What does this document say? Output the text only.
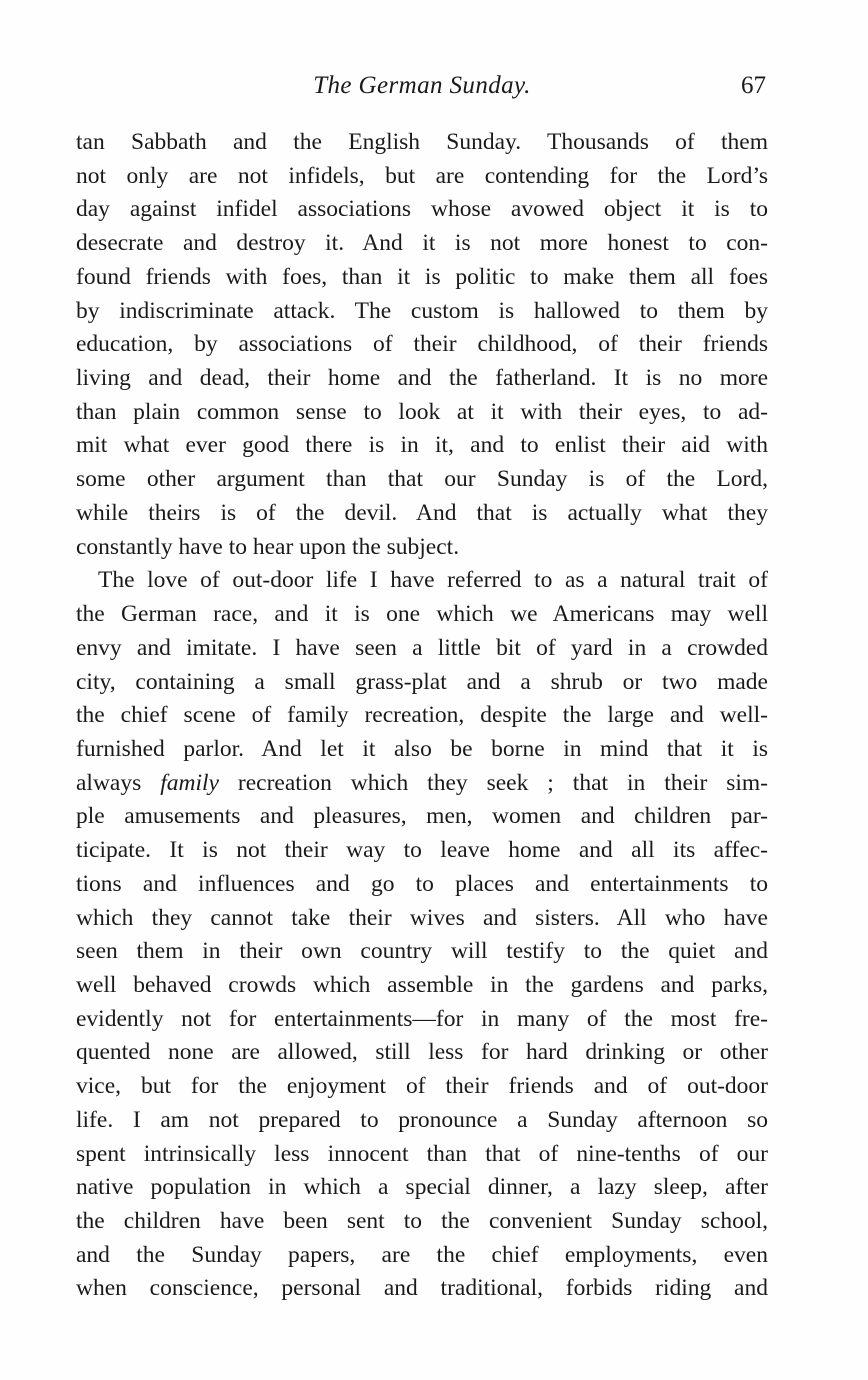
The German Sunday.	67
tan Sabbath and the English Sunday. Thousands of them
not only are not infidels, but are contending for the Lord’s
day against infidel associations whose avowed object it is to
desecrate and destroy it. And it is not more honest to con-
found friends with foes, than it is politic to make them all foes
by indiscriminate attack. The custom is hallowed to them by
education, by associations of their childhood, of their friends
living and dead, their home and the fatherland. It is no more
than plain common sense to look at it with their eyes, to ad-
mit what ever good there is in it, and to enlist their aid with
some other argument than that our Sunday is of the Lord,
while theirs is of the devil. And that is actually what they
constantly have to hear upon the subject.
The love of out-door life I have referred to as a natural trait of
the German race, and it is one which we Americans may well
envy and imitate. I have seen a little bit of yard in a crowded
city, containing a small grass-plat and a shrub or two made
the chief scene of family recreation, despite the large and well-
furnished parlor. And let it also be borne in mind that it is
always family recreation which they seek ; that in their sim-
ple amusements and pleasures, men, women and children par-
ticipate. It is not their way to leave home and all its affec-
tions and influences and go to places and entertainments to
which they cannot take their wives and sisters. All who have
seen them in their own country will testify to the quiet and
well behaved crowds which assemble in the gardens and parks,
evidently not for entertainments—for in many of the most fre-
quented none are allowed, still less for hard drinking or other
vice, but for the enjoyment of their friends and of out-door
life. I am not prepared to pronounce a Sunday afternoon so
spent intrinsically less innocent than that of nine-tenths of our
native population in which a special dinner, a lazy sleep, after
the children have been sent to the convenient Sunday school,
and the Sunday papers, are the chief employments, even
when conscience, personal and traditional, forbids riding and
